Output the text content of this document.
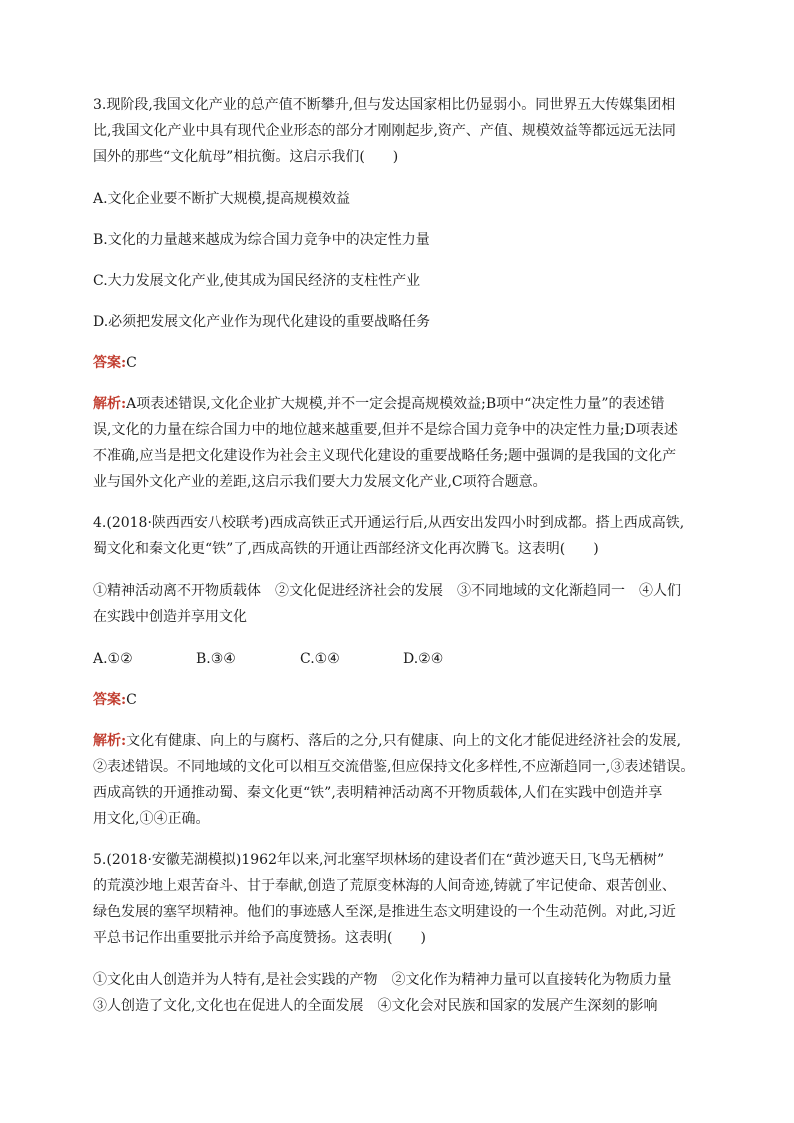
3.现阶段,我国文化产业的总产值不断攀升,但与发达国家相比仍显弱小。同世界五大传媒集团相

比,我国文化产业中具有现代企业形态的部分才刚刚起步,资产、产值、规模效益等都远远无法同

国外的那些“文化航母”相抗衡。这启示我们(　　)

A.文化企业要不断扩大规模,提高规模效益

B.文化的力量越来越成为综合国力竞争中的决定性力量

C.大力发展文化产业,使其成为国民经济的支柱性产业

D.必须把发展文化产业作为现代化建设的重要战略任务

答案:C

解析:A项表述错误,文化企业扩大规模,并不一定会提高规模效益;B项中“决定性力量”的表述错

误,文化的力量在综合国力中的地位越来越重要,但并不是综合国力竞争中的决定性力量;D项表述

不准确,应当是把文化建设作为社会主义现代化建设的重要战略任务;题中强调的是我国的文化产

业与国外文化产业的差距,这启示我们要大力发展文化产业,C项符合题意。

4.(2018·陕西西安八校联考)西成高铁正式开通运行后,从西安出发四小时到成都。搭上西成高铁,

蜀文化和秦文化更“铁”了,西成高铁的开通让西部经济文化再次腾飞。这表明(　　)

①精神活动离不开物质载体　②文化促进经济社会的发展　③不同地域的文化渐趋同一　④人们

在实践中创造并享用文化

A.①②	B.③④	C.①④	D.②④

答案:C

解析:文化有健康、向上的与腐朽、落后的之分,只有健康、向上的文化才能促进经济社会的发展,

②表述错误。不同地域的文化可以相互交流借鉴,但应保持文化多样性,不应渐趋同一,③表述错误。

西成高铁的开通推动蜀、秦文化更“铁”,表明精神活动离不开物质载体,人们在实践中创造并享

用文化,①④正确。

5.(2018·安徽芜湖模拟)1962年以来,河北塞罕坝林场的建设者们在“黄沙遮天日,飞鸟无栖树”

的荒漠沙地上艰苦奋斗、甘于奉献,创造了荒原变林海的人间奇迹,铸就了牢记使命、艰苦创业、

绿色发展的塞罕坝精神。他们的事迹感人至深,是推进生态文明建设的一个生动范例。对此,习近

平总书记作出重要批示并给予高度赞扬。这表明(　　)

①文化由人创造并为人特有,是社会实践的产物　②文化作为精神力量可以直接转化为物质力量

③人创造了文化,文化也在促进人的全面发展　④文化会对民族和国家的发展产生深刻的影响
